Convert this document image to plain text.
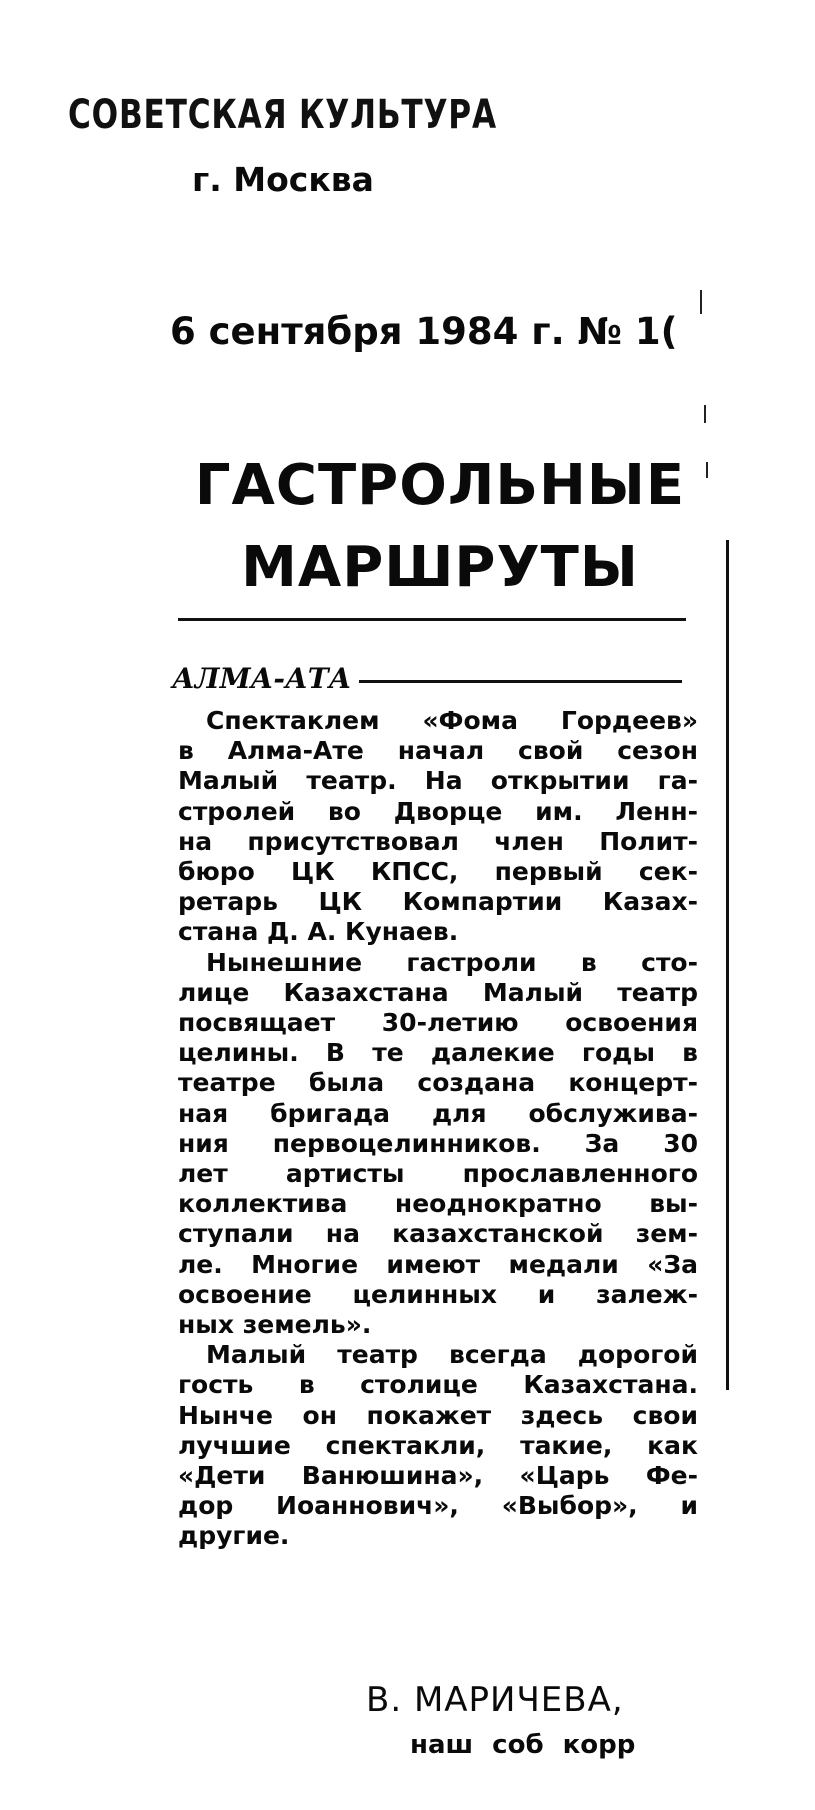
СОВЕТСКАЯ КУЛЬТУРА
г. Москва
6 сентября 1984 г. № 1(
ГАСТРОЛЬНЫЕ
МАРШРУТЫ
АЛМА-АТА
Спектаклем «Фома Гордеев»
в Алма-Ате начал свой сезон
Малый театр. На открытии га-
стролей во Дворце им. Ленн-
на присутствовал член Полит-
бюро ЦК КПСС, первый сек-
ретарь ЦК Компартии Казах-
стана Д. А. Кунаев.
Нынешние гастроли в сто-
лице Казахстана Малый театр
посвящает 30-летию освоения
целины. В те далекие годы в
театре была создана концерт-
ная бригада для обслужива-
ния первоцелинников. За 30
лет артисты прославленного
коллектива неоднократно вы-
ступали на казахстанской зем-
ле. Многие имеют медали «За
освоение целинных и залеж-
ных земель».
Малый театр всегда дорогой
гость в столице Казахстана.
Нынче он покажет здесь свои
лучшие спектакли, такие, как
«Дети Ванюшина», «Царь Фе-
дор Иоаннович», «Выбор», и
другие.
В. МАРИЧЕВА,
наш соб корр
